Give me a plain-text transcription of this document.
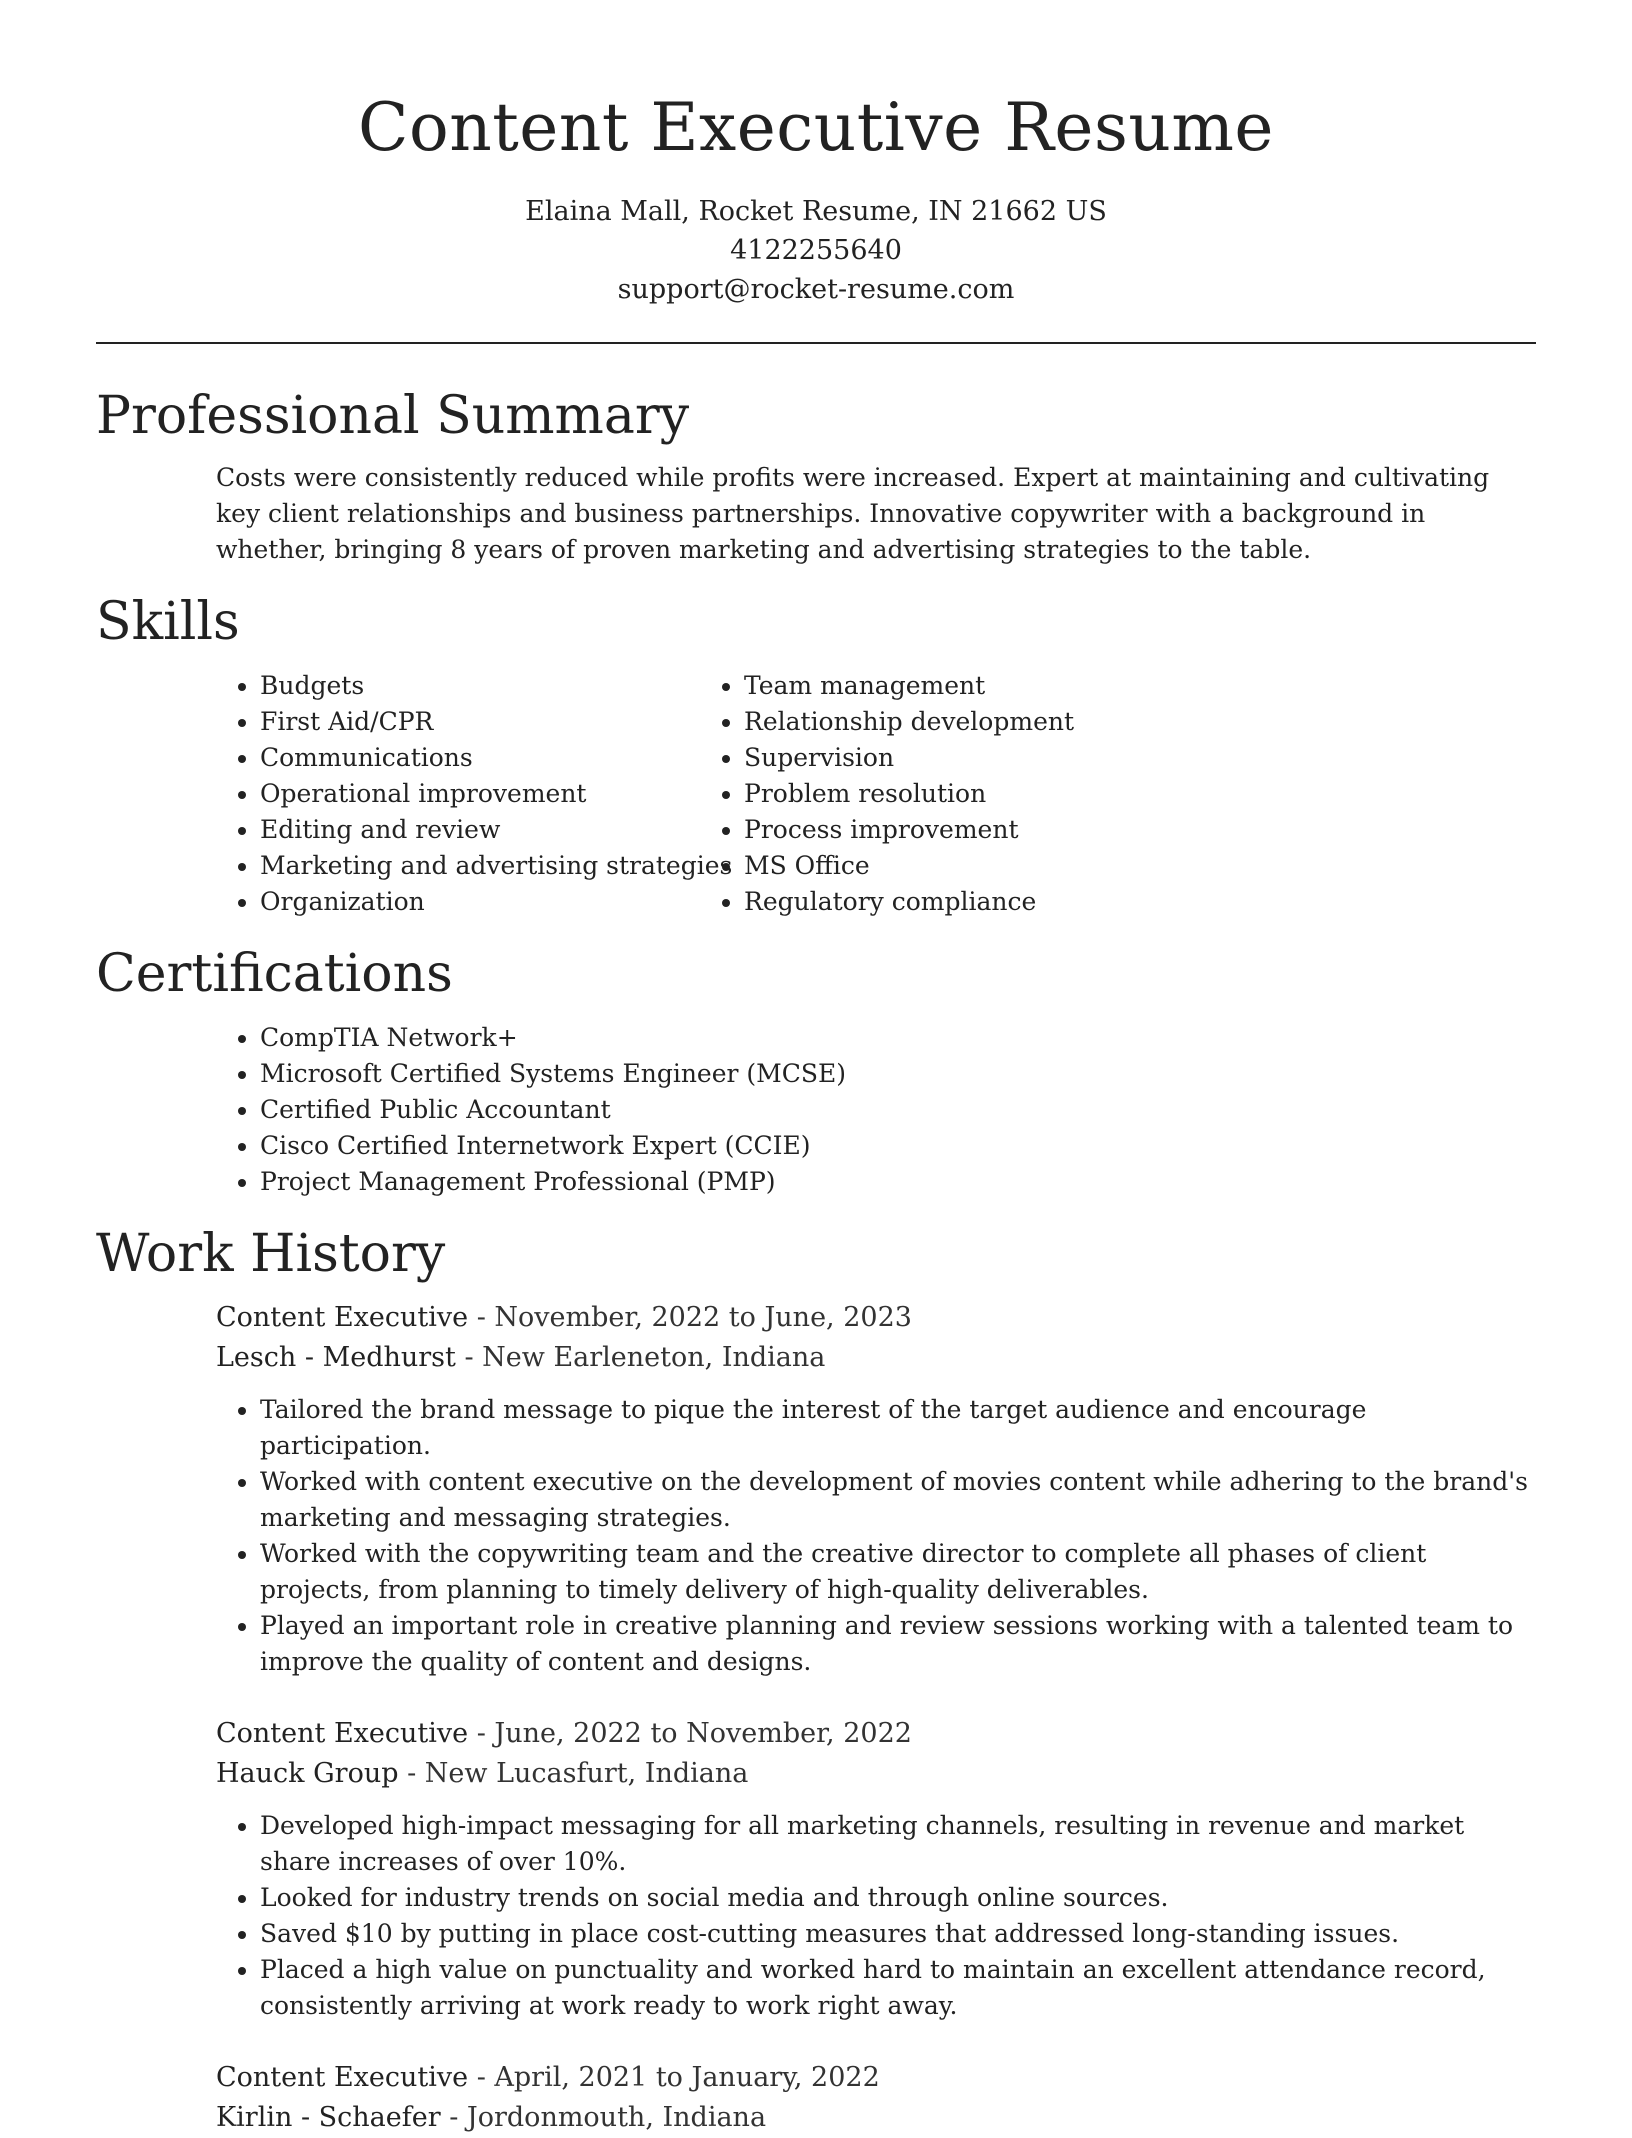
Content Executive Resume
Elaina Mall, Rocket Resume, IN 21662 US
4122255640
support@rocket-resume.com
Professional Summary

Costs were consistently reduced while profits were increased. Expert at maintaining and cultivating key client relationships and business partnerships. Innovative copywriter with a background in whether, bringing 8 years of proven marketing and advertising strategies to the table.

Skills
• Budgets
• First Aid/CPR
• Communications
• Operational improvement
• Editing and review
• Marketing and advertising strategies
• Organization
• Team management
• Relationship development
• Supervision
• Problem resolution
• Process improvement
• MS Office
• Regulatory compliance
Certifications
• CompTIA Network+
• Microsoft Certified Systems Engineer (MCSE)
• Certified Public Accountant
• Cisco Certified Internetwork Expert (CCIE)
• Project Management Professional (PMP)
Work History
Content Executive - November, 2022 to June, 2023
Lesch - Medhurst - New Earleneton, Indiana
• Tailored the brand message to pique the interest of the target audience and encourage participation.
• Worked with content executive on the development of movies content while adhering to the brand's marketing and messaging strategies.
• Worked with the copywriting team and the creative director to complete all phases of client projects, from planning to timely delivery of high-quality deliverables.
• Played an important role in creative planning and review sessions working with a talented team to improve the quality of content and designs.
Content Executive - June, 2022 to November, 2022
Hauck Group - New Lucasfurt, Indiana
• Developed high-impact messaging for all marketing channels, resulting in revenue and market share increases of over 10%.
• Looked for industry trends on social media and through online sources.
• Saved $10 by putting in place cost-cutting measures that addressed long-standing issues.
• Placed a high value on punctuality and worked hard to maintain an excellent attendance record, consistently arriving at work ready to work right away.
Content Executive - April, 2021 to January, 2022
Kirlin - Schaefer - Jordonmouth, Indiana
